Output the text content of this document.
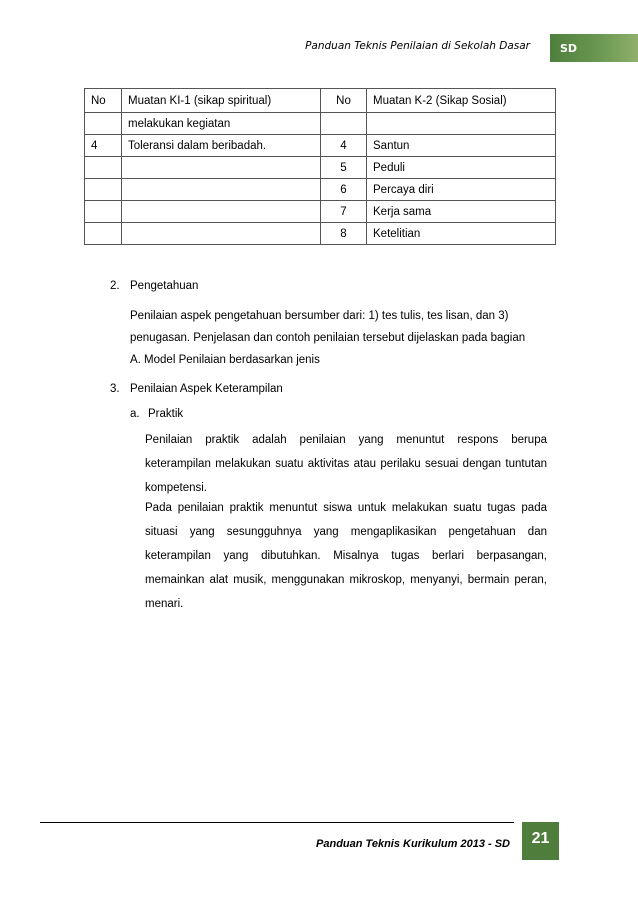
Panduan Teknis Penilaian di Sekolah Dasar	SD
No	Muatan KI-1 (sikap spiritual)	No	Muatan K-2 (Sikap Sosial)
	melakukan kegiatan		
4	Toleransi dalam beribadah.	4	Santun
		5	Peduli
		6	Percaya diri
		7	Kerja sama
		8	Ketelitian
2. Pengetahuan
Penilaian aspek pengetahuan bersumber dari: 1) tes tulis, tes lisan, dan 3)
penugasan. Penjelasan dan contoh penilaian tersebut dijelaskan pada bagian
A. Model Penilaian berdasarkan jenis
3. Penilaian Aspek Keterampilan
a. Praktik
Penilaian praktik adalah penilaian yang menuntut respons berupa keterampilan melakukan suatu aktivitas atau perilaku sesuai dengan tuntutan kompetensi.
Pada penilaian praktik menuntut siswa untuk melakukan suatu tugas pada situasi yang sesungguhnya yang mengaplikasikan pengetahuan dan keterampilan yang dibutuhkan. Misalnya tugas berlari berpasangan, memainkan alat musik, menggunakan mikroskop, menyanyi, bermain peran, menari.
Panduan Teknis Kurikulum 2013 - SD	21
